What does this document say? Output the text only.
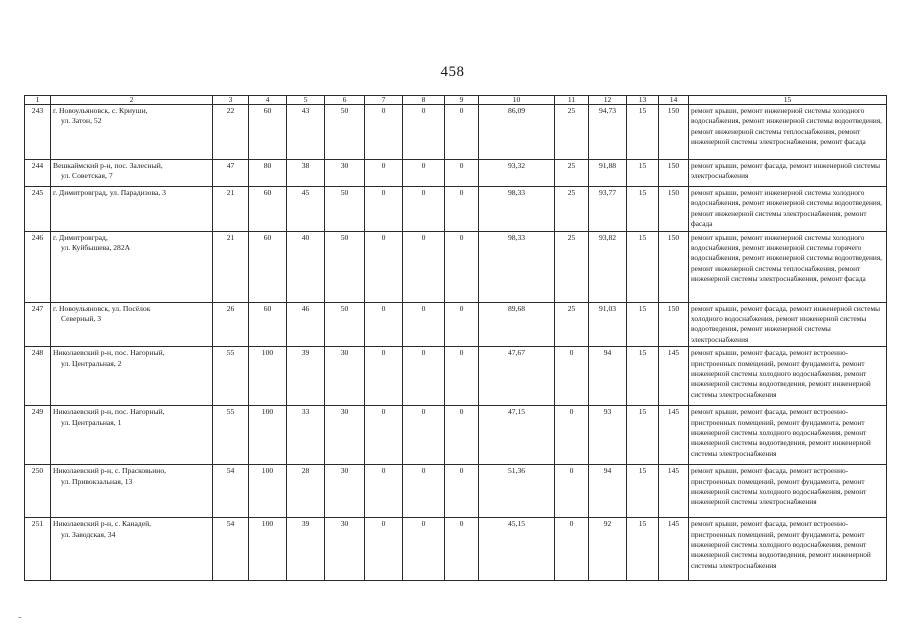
458
‑
1	2	3	4	5	6	7	8	9	10	11	12	13	14	15
243	г. Новоульяновск, с. Криуши,
ул. Затон, 52	22	60	43	50	0	0	0	86,09	25	94,73	15	150	ремонт крыши, ремонт инженерной системы холодного водоснабжения, ремонт инженерной системы водоотведения, ремонт инженерной системы теплоснабжения, ремонт инженерной системы электроснабжения, ремонт фасада
244	Вешкаймский р-н, пос. Залесный,
ул. Советская, 7	47	80	38	30	0	0	0	93,32	25	91,88	15	150	ремонт крыши, ремонт фасада, ремонт инженерной системы электроснабжения
245	г. Димитровград, ул. Парадизова, 3	21	60	45	50	0	0	0	98,33	25	93,77	15	150	ремонт крыши, ремонт инженерной системы холодного водоснабжения, ремонт инженерной системы водоотведения, ремонт инженерной системы электроснабжения, ремонт фасада
246	г. Димитровград,
ул. Куйбышева, 282А	21	60	40	50	0	0	0	98,33	25	93,82	15	150	ремонт крыши, ремонт инженерной системы холодного водоснабжения, ремонт инженерной системы горячего водоснабжения, ремонт инженерной системы водоотведения, ремонт инженерной системы теплоснабжения, ремонт инженерной системы электроснабжения, ремонт фасада
247	г. Новоульяновск, ул. Посёлок
Северный, 3	26	60	46	50	0	0	0	89,68	25	91,03	15	150	ремонт крыши, ремонт фасада, ремонт инженерной системы холодного водоснабжения, ремонт инженерной системы водоотведения, ремонт инженерной системы электроснабжения
248	Николаевский р-н, пос. Нагорный,
ул. Центральная, 2	55	100	39	30	0	0	0	47,67	0	94	15	145	ремонт крыши, ремонт фасада, ремонт встроенно-пристроенных помещений, ремонт фундамента, ремонт инженерной системы холодного водоснабжения, ремонт инженерной системы водоотведения, ремонт инженерной системы электроснабжения
249	Николаевский р-н, пос. Нагорный,
ул. Центральная, 1	55	100	33	30	0	0	0	47,15	0	93	15	145	ремонт крыши, ремонт фасада, ремонт встроенно-пристроенных помещений, ремонт фундамента, ремонт инженерной системы холодного водоснабжения, ремонт инженерной системы водоотведения, ремонт инженерной системы электроснабжения
250	Николаевский р-н, с. Прасковьино,
ул. Привокзальная, 13	54	100	28	30	0	0	0	51,36	0	94	15	145	ремонт крыши, ремонт фасада, ремонт встроенно-пристроенных помещений, ремонт фундамента, ремонт инженерной системы холодного водоснабжения, ремонт инженерной системы электроснабжения
251	Николаевский р-н, с. Канадей,
ул. Заводская, 34	54	100	39	30	0	0	0	45,15	0	92	15	145	ремонт крыши, ремонт фасада, ремонт встроенно-пристроенных помещений, ремонт фундамента, ремонт инженерной системы холодного водоснабжения, ремонт инженерной системы водоотведения, ремонт инженерной системы электроснабжения
